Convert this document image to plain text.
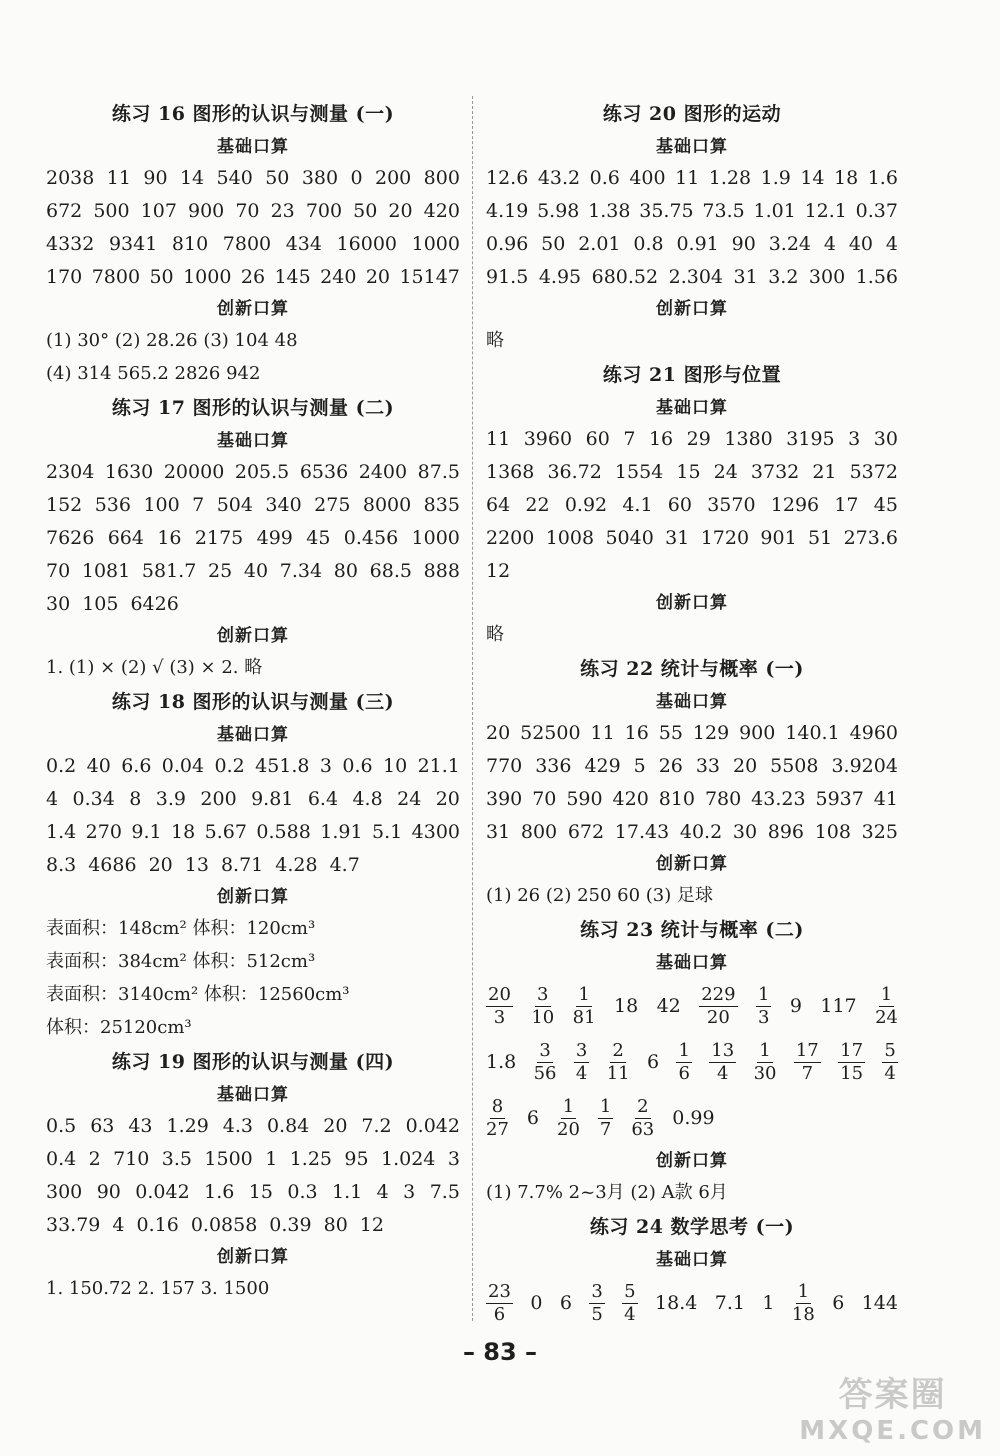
练习 16 图形的认识与测量 (一)
基础口算
2038 11 90 14 540 50 380 0 200 800
672 500 107 900 70 23 700 50 20 420
4332 9341 810 7800 434 16000 1000
170 7800 50 1000 26 145 240 20 15147
创新口算
(1) 30° (2) 28.26 (3) 104 48
(4) 314 565.2 2826 942
练习 17 图形的认识与测量 (二)
基础口算
2304 1630 20000 205.5 6536 2400 87.5
152 536 100 7 504 340 275 8000 835
7626 664 16 2175 499 45 0.456 1000
70 1081 581.7 25 40 7.34 80 68.5 888
30 105 6426
创新口算
1. (1) × (2) √ (3) × 2. 略
练习 18 图形的认识与测量 (三)
基础口算
0.2 40 6.6 0.04 0.2 451.8 3 0.6 10 21.1
4 0.34 8 3.9 200 9.81 6.4 4.8 24 20
1.4 270 9.1 18 5.67 0.588 1.91 5.1 4300
8.3 4686 20 13 8.71 4.28 4.7
创新口算
表面积：148cm² 体积：120cm³
表面积：384cm² 体积：512cm³
表面积：3140cm² 体积：12560cm³
体积：25120cm³
练习 19 图形的认识与测量 (四)
基础口算
0.5 63 43 1.29 4.3 0.84 20 7.2 0.042
0.4 2 710 3.5 1500 1 1.25 95 1.024 3
300 90 0.042 1.6 15 0.3 1.1 4 3 7.5
33.79 4 0.16 0.0858 0.39 80 12
创新口算
1. 150.72 2. 157 3. 1500
练习 20 图形的运动
基础口算
12.6 43.2 0.6 400 11 1.28 1.9 14 18 1.6
4.19 5.98 1.38 35.75 73.5 1.01 12.1 0.37
0.96 50 2.01 0.8 0.91 90 3.24 4 40 4
91.5 4.95 680.52 2.304 31 3.2 300 1.56
创新口算
略
练习 21 图形与位置
基础口算
11 3960 60 7 16 29 1380 3195 3 30
1368 36.72 1554 15 24 3732 21 5372
64 22 0.92 4.1 60 3570 1296 17 45
2200 1008 5040 31 1720 901 51 273.6
12
创新口算
略
练习 22 统计与概率 (一)
基础口算
20 52500 11 16 55 129 900 140.1 4960
770 336 429 5 26 33 20 5508 3.9204
390 70 590 420 810 780 43.23 5937 41
31 800 672 17.43 40.2 30 896 108 325
创新口算
(1) 26 (2) 250 60 (3) 足球
练习 23 统计与概率 (二)
基础口算
$\frac{20}{3} \frac{3}{10} \frac{1}{81} 18$ $42 \frac{229}{20} \frac{1}{3} 9$ $117 \frac{1}{24}$
$1.8 \frac{3}{56} \frac{3}{4} \frac{2}{11} 6 \frac{1}{6} \frac{13}{4} \frac{1}{30} \frac{17}{7} \frac{17}{15} \frac{5}{4}$
$\frac{8}{27} 6 \frac{1}{20} \frac{1}{7} \frac{2}{63} 0.99$
创新口算
(1) 7.7% 2~3月 (2) A款 6月
练习 24 数学思考 (一)
基础口算
$\frac{23}{6} 0$ $6 \frac{3}{5} \frac{5}{4} 18.4$ 7.1 $1 \frac{1}{18} 6$ 144
– 83 –
答案圈
MXQE.COM
